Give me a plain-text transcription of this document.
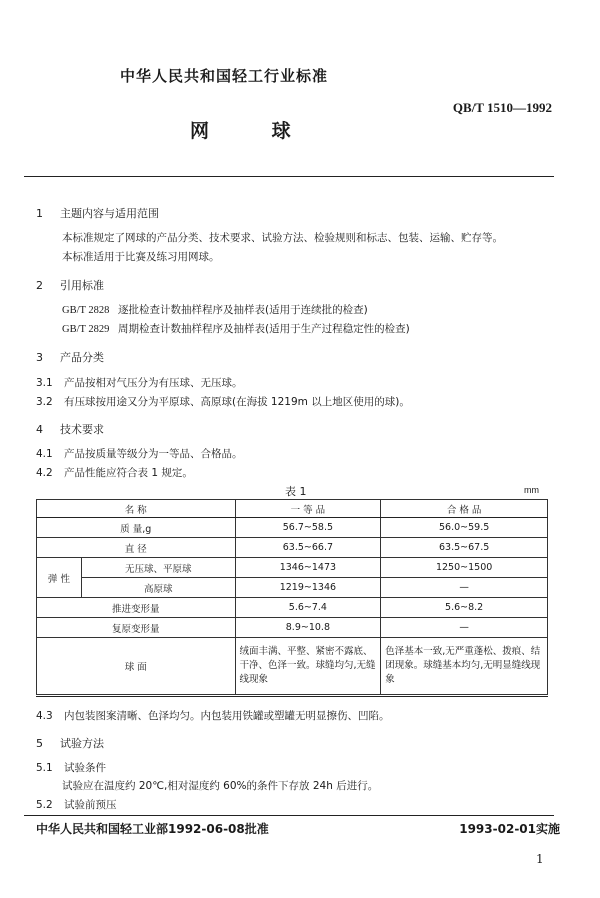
中华人民共和国轻工行业标准
QB/T 1510—1992
网 球
1 主题内容与适用范围
本标准规定了网球的产品分类、技术要求、试验方法、检验规则和标志、包装、运输、贮存等。
本标准适用于比赛及练习用网球。
2 引用标准
GB/T 2828 逐批检查计数抽样程序及抽样表(适用于连续批的检查)
GB/T 2829 周期检查计数抽样程序及抽样表(适用于生产过程稳定性的检查)
3 产品分类
3.1 产品按相对气压分为有压球、无压球。
3.2 有压球按用途又分为平原球、高原球(在海拔 1219m 以上地区使用的球)。
4 技术要求
4.1 产品按质量等级分为一等品、合格品。
4.2 产品性能应符合表 1 规定。
表 1	mm
名 称		一 等 品	合 格 品
质 量,g		56.7~58.5	56.0~59.5
直 径		63.5~66.7	63.5~67.5
弹 性	无压球、平原球	1346~1473	1250~1500
	高原球	1219~1346	—
推进变形量		5.6~7.4	5.6~8.2
复原变形量		8.9~10.8	—
球 面		绒面丰满、平整、紧密不露底、干净、色泽一致。球缝均匀,无缝线现象	色泽基本一致,无严重蓬松、拨痕、结团现象。球缝基本均匀,无明显缝线现象
4.3 内包装图案清晰、色泽均匀。内包装用铁罐或塑罐无明显擦伤、凹陷。
5 试验方法
5.1 试验条件
试验应在温度约 20℃,相对湿度约 60%的条件下存放 24h 后进行。
5.2 试验前预压
中华人民共和国轻工业部1992-06-08批准	1993-02-01实施
1
